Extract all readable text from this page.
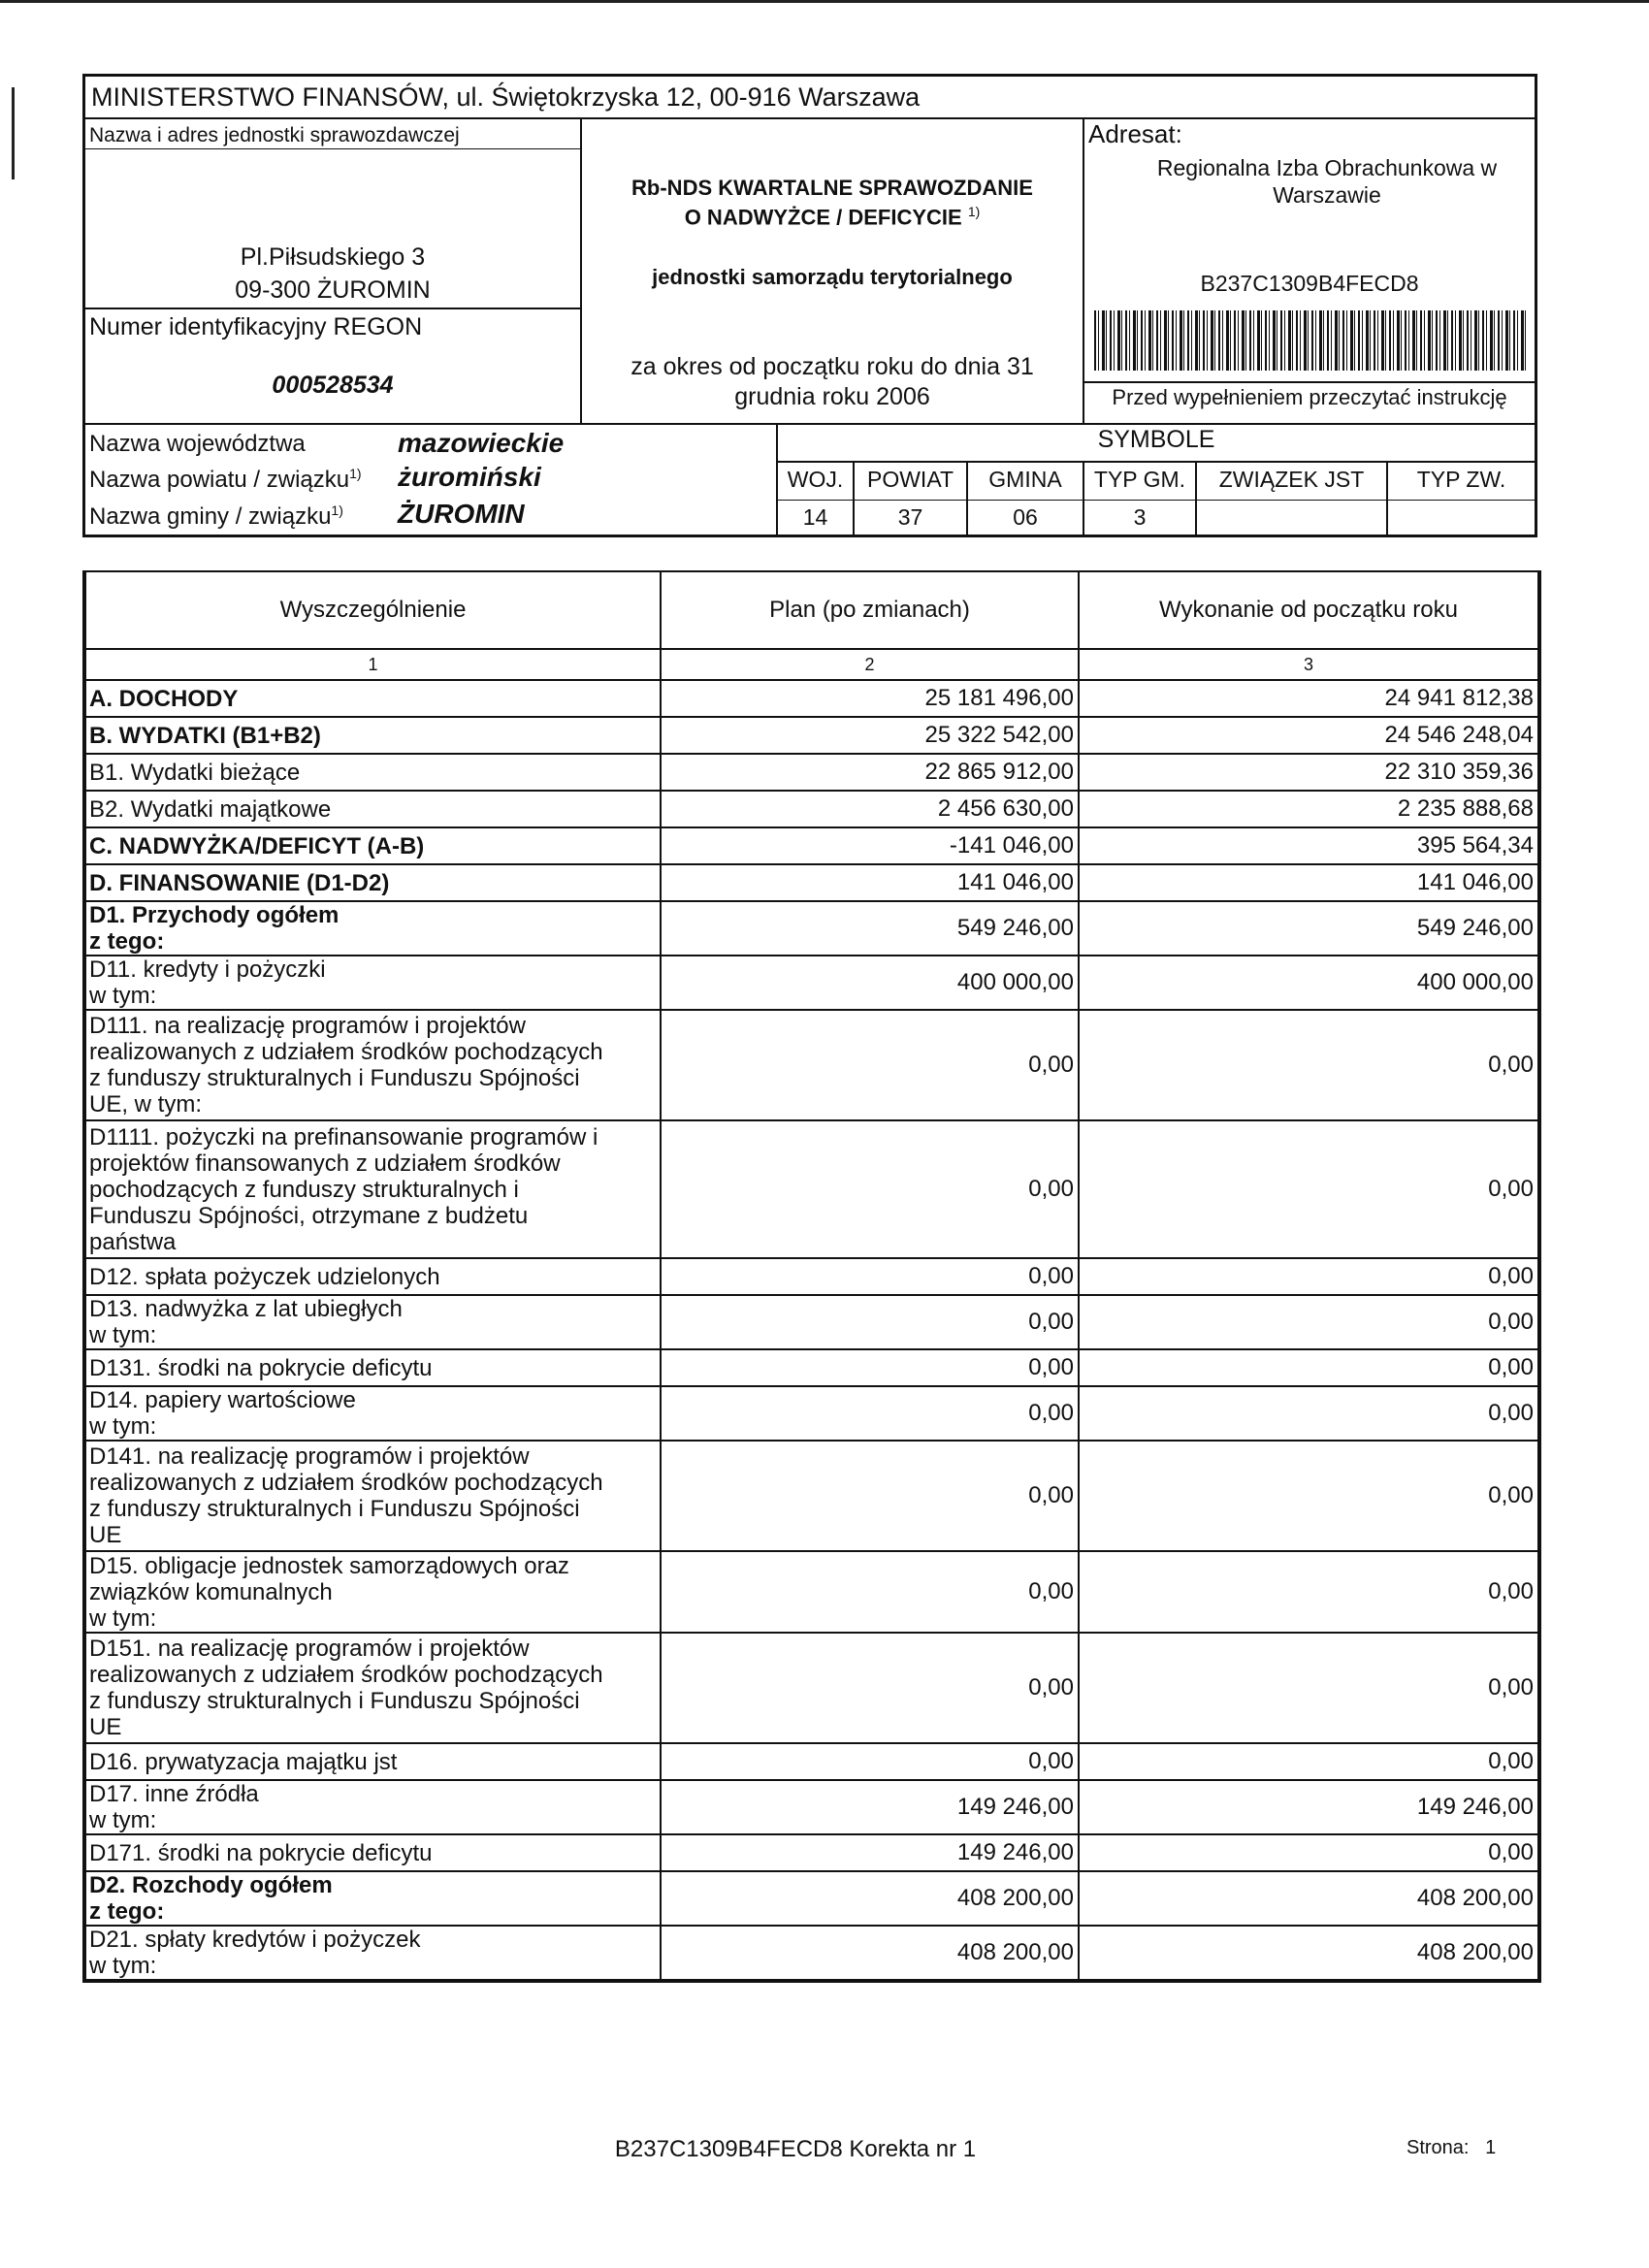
MINISTERSTWO FINANSÓW, ul. Świętokrzyska 12, 00-916 Warszawa
Nazwa i adres jednostki sprawozdawczej
Pl.Piłsudskiego 3
09-300 ŻUROMIN
Numer identyfikacyjny REGON
000528534
Rb-NDS KWARTALNE SPRAWOZDANIE
O NADWYŻCE / DEFICYCIE $^{1)}$
jednostki samorządu terytorialnego
za okres od początku roku do dnia 31 grudnia roku 2006
Adresat:
Regionalna Izba Obrachunkowa w Warszawie
B237C1309B4FECD8
Przed wypełnieniem przeczytać instrukcję
Nazwa województwa	mazowieckie
Nazwa powiatu / związku$^{1)}$ żuromiński
Nazwa gminy / związku$^{1)}$ ŻUROMIN
SYMBOLE
WOJ.	POWIAT	GMINA	TYP GM.	ZWIĄZEK JST	TYP ZW.
14	37	06	3
Wyszczególnienie	Plan (po zmianach)	Wykonanie od początku roku
1	2	3
A. DOCHODY	25 181 496,00	24 941 812,38
B. WYDATKI (B1+B2)	25 322 542,00	24 546 248,04
B1. Wydatki bieżące	22 865 912,00	22 310 359,36
B2. Wydatki majątkowe	2 456 630,00	2 235 888,68
C. NADWYŻKA/DEFICYT (A-B)	-141 046,00	395 564,34
D. FINANSOWANIE (D1-D2)	141 046,00	141 046,00
D1. Przychody ogółem
z tego:	549 246,00	549 246,00
D11. kredyty i pożyczki
w tym:	400 000,00	400 000,00
D111. na realizację programów i projektów
realizowanych z udziałem środków pochodzących
z funduszy strukturalnych i Funduszu Spójności
UE, w tym:	0,00	0,00
D1111. pożyczki na prefinansowanie programów i
projektów finansowanych z udziałem środków
pochodzących z funduszy strukturalnych i
Funduszu Spójności, otrzymane z budżetu
państwa	0,00	0,00
D12. spłata pożyczek udzielonych	0,00	0,00
D13. nadwyżka z lat ubiegłych
w tym:	0,00	0,00
D131. środki na pokrycie deficytu	0,00	0,00
D14. papiery wartościowe
w tym:	0,00	0,00
D141. na realizację programów i projektów
realizowanych z udziałem środków pochodzących
z funduszy strukturalnych i Funduszu Spójności
UE	0,00	0,00
D15. obligacje jednostek samorządowych oraz
związków komunalnych
w tym:	0,00	0,00
D151. na realizację programów i projektów
realizowanych z udziałem środków pochodzących
z funduszy strukturalnych i Funduszu Spójności
UE	0,00	0,00
D16. prywatyzacja majątku jst	0,00	0,00
D17. inne źródła
w tym:	149 246,00	149 246,00
D171. środki na pokrycie deficytu	149 246,00	0,00
D2. Rozchody ogółem
z tego:	408 200,00	408 200,00
D21. spłaty kredytów i pożyczek
w tym:	408 200,00	408 200,00
B237C1309B4FECD8 Korekta nr 1	Strona: 1
